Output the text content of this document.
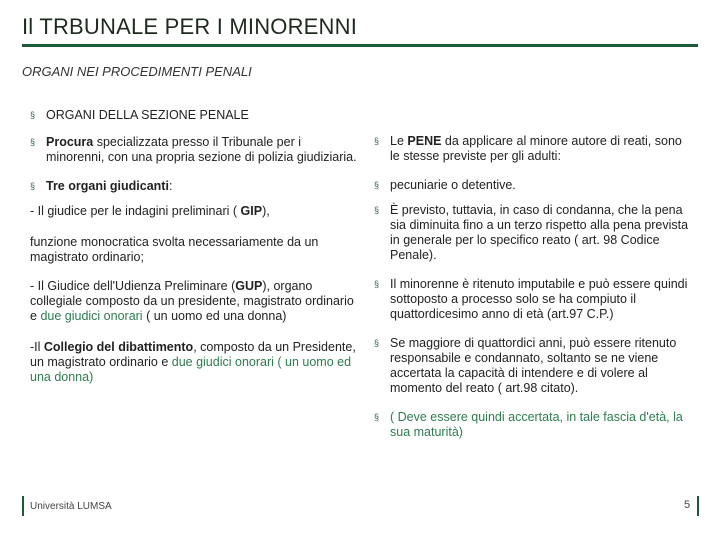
Il TRBUNALE PER I MINORENNI
ORGANI NEI PROCEDIMENTI PENALI
§ ORGANI DELLA SEZIONE PENALE
§ Procura specializzata presso il Tribunale per i minorenni, con una propria sezione di polizia giudiziaria.
§ Tre organi giudicanti:
- Il giudice per le indagini preliminari ( GIP),
funzione monocratica svolta necessariamente da un magistrato ordinario;
- Il Giudice dell'Udienza Preliminare (GUP), organo collegiale composto da un presidente, magistrato ordinario e due giudici onorari ( un uomo ed una donna)
-Il Collegio del dibattimento, composto da un Presidente, un magistrato ordinario e due giudici onorari ( un uomo ed una donna)
§ Le PENE da applicare al minore autore di reati, sono le stesse previste per gli adulti:
§ pecuniarie o detentive.
§ È previsto, tuttavia, in caso di condanna, che la pena sia diminuita fino a un terzo rispetto alla pena prevista in generale per lo specifico reato ( art. 98 Codice Penale).
§ Il minorenne è ritenuto imputabile e può essere quindi sottoposto a processo solo se ha compiuto il quattordicesimo anno di età (art.97 C.P.)
§ Se maggiore di quattordici anni, può essere ritenuto responsabile e condannato, soltanto se ne viene accertata la capacità di intendere e di volere al momento del reato ( art.98 citato).
§ ( Deve essere quindi accertata, in tale fascia d'età, la sua maturità)
Università LUMSA	5
